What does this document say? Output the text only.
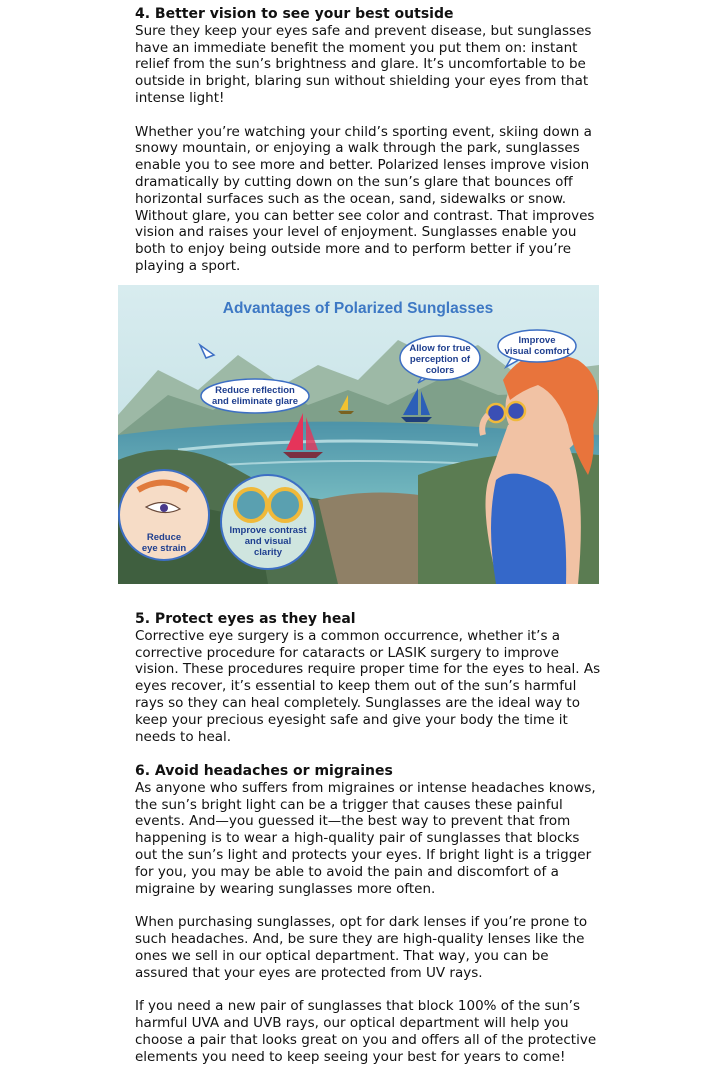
4. Better vision to see your best outside

Sure they keep your eyes safe and prevent disease, but sunglasses have an immediate benefit the moment you put them on: instant relief from the sun’s brightness and glare. It’s uncomfortable to be outside in bright, blaring sun without shielding your eyes from that intense light!

Whether you’re watching your child’s sporting event, skiing down a snowy mountain, or enjoying a walk through the park, sunglasses enable you to see more and better. Polarized lenses improve vision dramatically by cutting down on the sun’s glare that bounces off horizontal surfaces such as the ocean, sand, sidewalks or snow. Without glare, you can better see color and contrast. That improves vision and raises your level of enjoyment. Sunglasses enable you both to enjoy being outside more and to perform better if you’re playing a sport.

Advantages of Polarized Sunglasses
Reduce reflection
and eliminate glare
Allow for true
perception of
colors
Improve
visual comfort
Reduce
eye strain
Improve contrast
and visual
clarity

5. Protect eyes as they heal

Corrective eye surgery is a common occurrence, whether it’s a corrective procedure for cataracts or LASIK surgery to improve vision. These procedures require proper time for the eyes to heal. As eyes recover, it’s essential to keep them out of the sun’s harmful rays so they can heal completely. Sunglasses are the ideal way to keep your precious eyesight safe and give your body the time it needs to heal.

6. Avoid headaches or migraines

As anyone who suffers from migraines or intense headaches knows, the sun’s bright light can be a trigger that causes these painful events. And—you guessed it—the best way to prevent that from happening is to wear a high-quality pair of sunglasses that blocks out the sun’s light and protects your eyes. If bright light is a trigger for you, you may be able to avoid the pain and discomfort of a migraine by wearing sunglasses more often.

When purchasing sunglasses, opt for dark lenses if you’re prone to such headaches. And, be sure they are high-quality lenses like the ones we sell in our optical department. That way, you can be assured that your eyes are protected from UV rays.

If you need a new pair of sunglasses that block 100% of the sun’s harmful UVA and UVB rays, our optical department will help you choose a pair that looks great on you and offers all of the protective elements you need to keep seeing your best for years to come!
